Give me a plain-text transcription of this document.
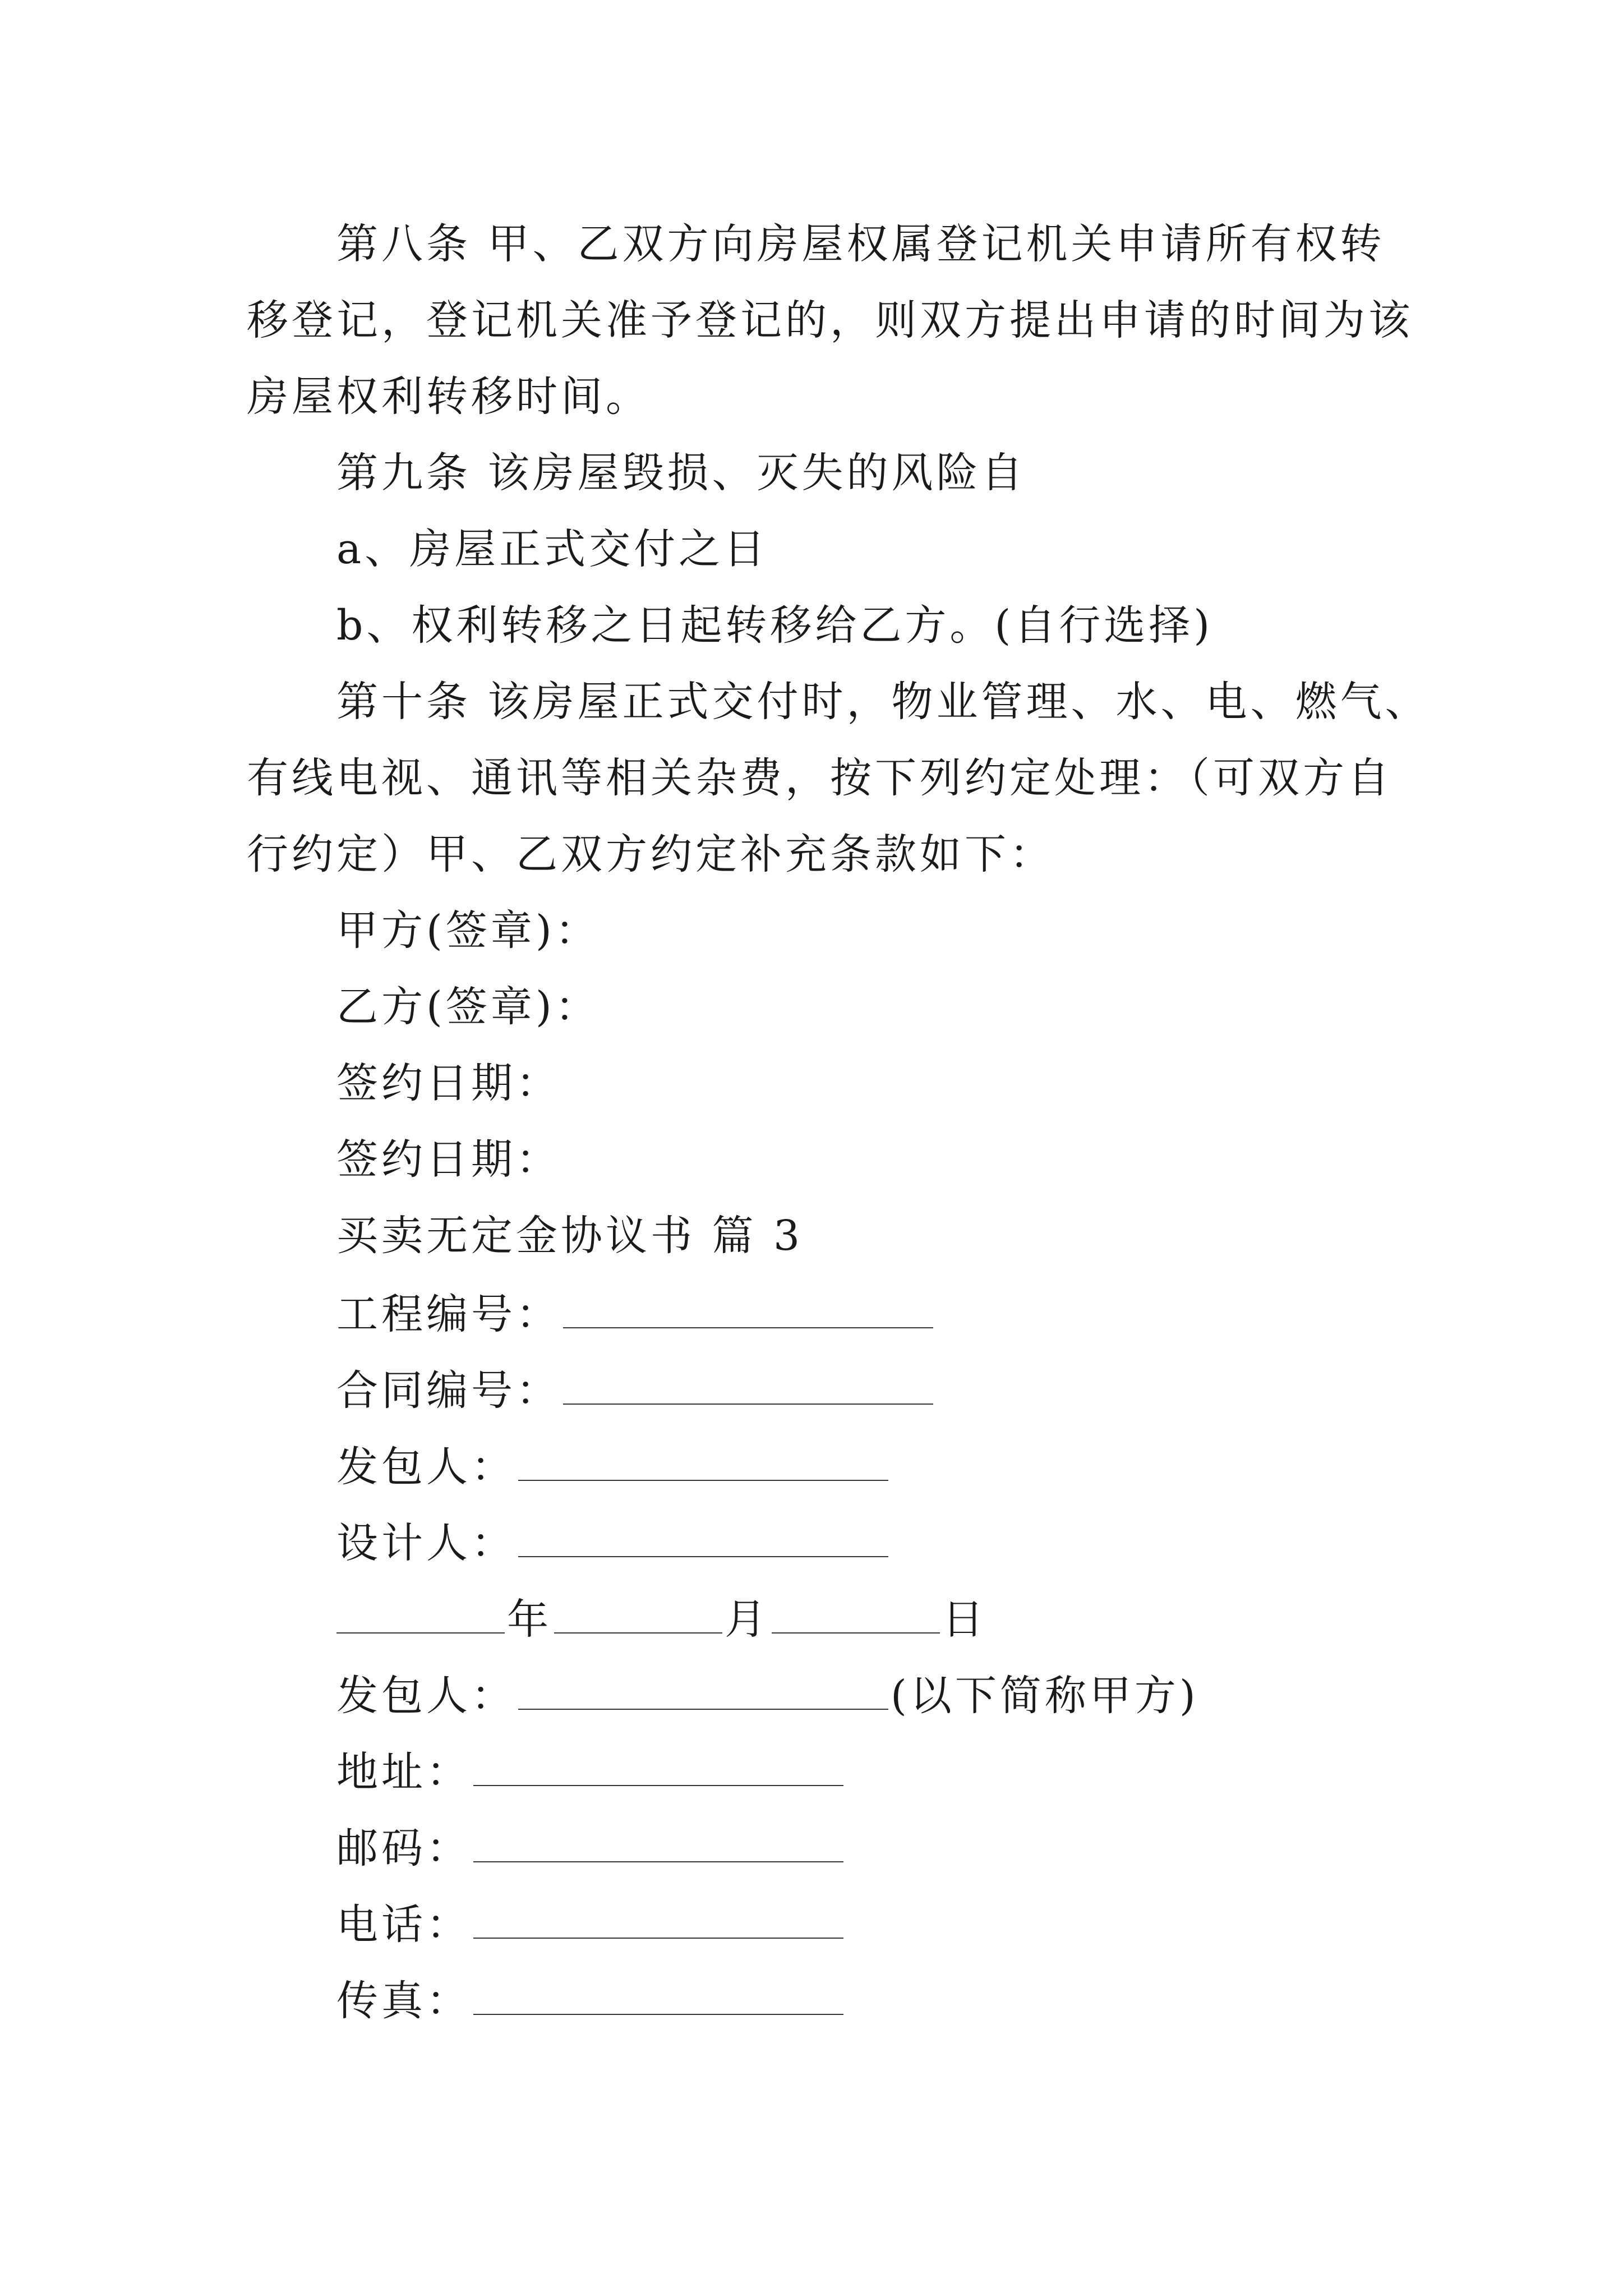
第八条 甲、乙双方向房屋权属登记机关申请所有权转
移登记，登记机关准予登记的，则双方提出申请的时间为该
房屋权利转移时间。
第九条 该房屋毁损、灭失的风险自
a、房屋正式交付之日
b、权利转移之日起转移给乙方。(自行选择)
第十条 该房屋正式交付时，物业管理、水、电、燃气、
有线电视、通讯等相关杂费，按下列约定处理：（可双方自
行约定）甲、乙双方约定补充条款如下：
甲方(签章)：
乙方(签章)：
签约日期：
签约日期：
买卖无定金协议书 篇 3
工程编号：
合同编号：
发包人：
设计人：
年	月	日
发包人：	(以下简称甲方)
地址：
邮码：
电话：
传真：
